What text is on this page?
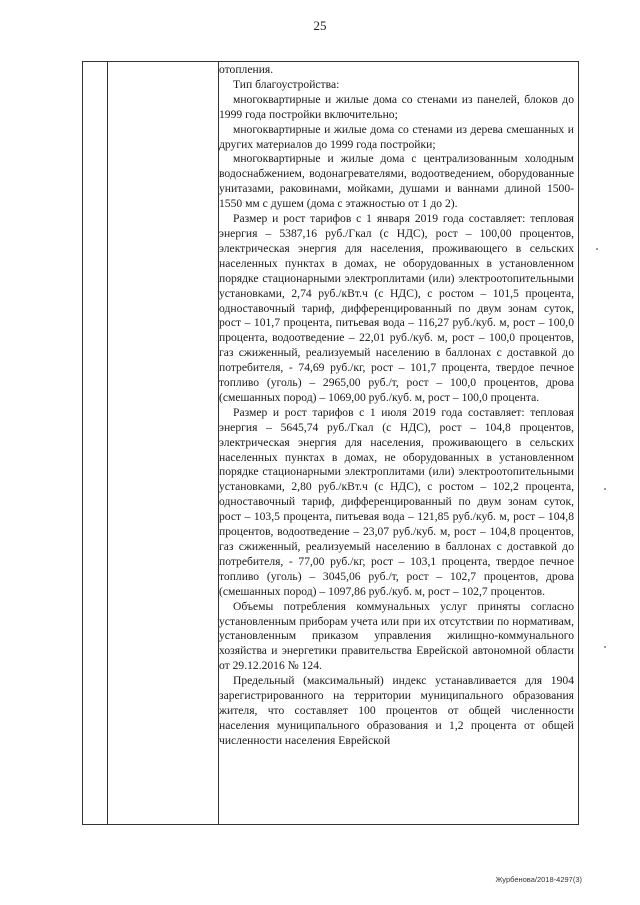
25

отопления.

Тип благоустройства:

многоквартирные и жилые дома со стенами из панелей, блоков до 1999 года постройки включительно;

многоквартирные и жилые дома со стенами из дерева смешанных и других материалов до 1999 года постройки;

многоквартирные и жилые дома с централизованным холодным водоснабжением, водонагревателями, водоотведением, оборудованные унитазами, раковинами, мойками, душами и ваннами длиной 1500-1550 мм с душем (дома с этажностью от 1 до 2).

Размер и рост тарифов с 1 января 2019 года составляет: тепловая энергия – 5387,16 руб./Гкал (с НДС), рост – 100,00 процентов, электрическая энергия для населения, проживающего в сельских населенных пунктах в домах, не оборудованных в установленном порядке стационарными электроплитами (или) электроотопительными установками, 2,74 руб./кВт.ч (с НДС), с ростом – 101,5 процента, одноставочный тариф, дифференцированный по двум зонам суток, рост – 101,7 процента, питьевая вода – 116,27 руб./куб. м, рост – 100,0 процента, водоотведение – 22,01 руб./куб. м, рост – 100,0 процентов, газ сжиженный, реализуемый населению в баллонах с доставкой до потребителя, - 74,69 руб./кг, рост – 101,7 процента, твердое печное топливо (уголь) – 2965,00 руб./т, рост – 100,0 процентов, дрова (смешанных пород) – 1069,00 руб./куб. м, рост – 100,0 процента.

Размер и рост тарифов с 1 июля 2019 года составляет: тепловая энергия – 5645,74 руб./Гкал (с НДС), рост – 104,8 процентов, электрическая энергия для населения, проживающего в сельских населенных пунктах в домах, не оборудованных в установленном порядке стационарными электроплитами (или) электроотопительными установками, 2,80 руб./кВт.ч (с НДС), с ростом – 102,2 процента, одноставочный тариф, дифференцированный по двум зонам суток, рост – 103,5 процента, питьевая вода – 121,85 руб./куб. м, рост – 104,8 процентов, водоотведение – 23,07 руб./куб. м, рост – 104,8 процентов, газ сжиженный, реализуемый населению в баллонах с доставкой до потребителя, - 77,00 руб./кг, рост – 103,1 процента, твердое печное топливо (уголь) – 3045,06 руб./т, рост – 102,7 процентов, дрова (смешанных пород) – 1097,86 руб./куб. м, рост – 102,7 процентов.

Объемы потребления коммунальных услуг приняты согласно установленным приборам учета или при их отсутствии по нормативам, установленным приказом управления жилищно-коммунального хозяйства и энергетики правительства Еврейской автономной области от 29.12.2016 № 124.

Предельный (максимальный) индекс устанавливается для 1904 зарегистрированного на территории муниципального образования жителя, что составляет 100 процентов от общей численности населения муниципального образования и 1,2 процента от общей численности населения Еврейской

Журбенова/2018-4297(3)
